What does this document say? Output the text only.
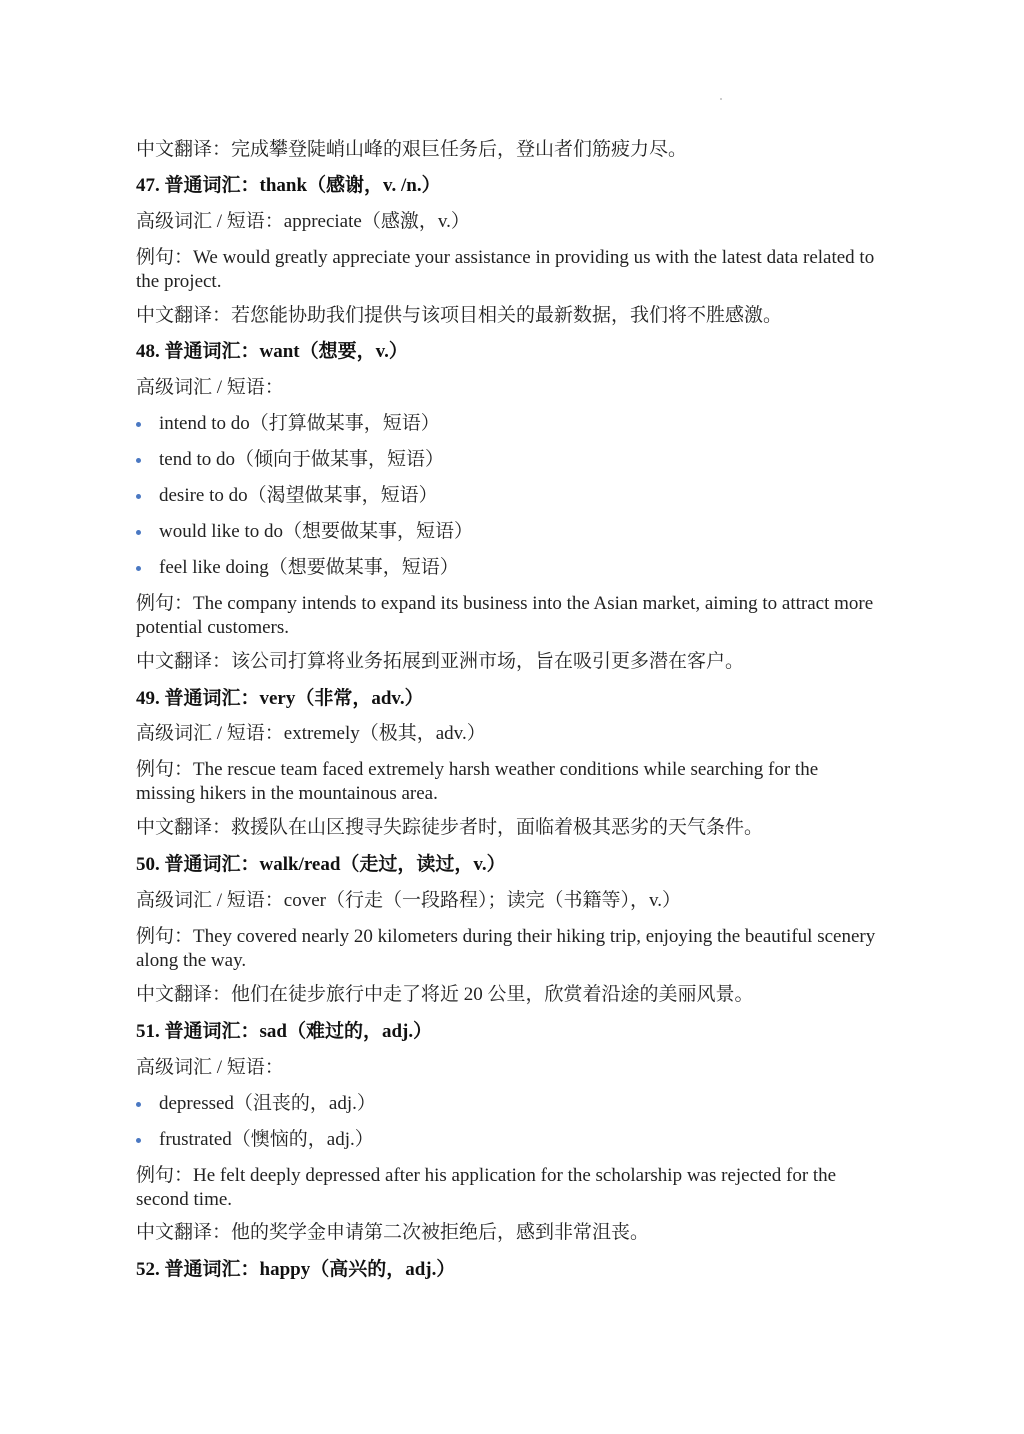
中文翻译：完成攀登陡峭山峰的艰巨任务后，登山者们筋疲力尽。
47. 普通词汇：thank（感谢，v. /n.）
高级词汇 / 短语：appreciate（感激，v.）
例句：We would greatly appreciate your assistance in providing us with the latest data related to the project.
中文翻译：若您能协助我们提供与该项目相关的最新数据，我们将不胜感激。
48. 普通词汇：want（想要，v.）
高级词汇 / 短语：
intend to do（打算做某事，短语）
tend to do（倾向于做某事，短语）
desire to do（渴望做某事，短语）
would like to do（想要做某事，短语）
feel like doing（想要做某事，短语）
例句：The company intends to expand its business into the Asian market, aiming to attract more potential customers.
中文翻译：该公司打算将业务拓展到亚洲市场，旨在吸引更多潜在客户。
49. 普通词汇：very（非常，adv.）
高级词汇 / 短语：extremely（极其，adv.）
例句：The rescue team faced extremely harsh weather conditions while searching for the missing hikers in the mountainous area.
中文翻译：救援队在山区搜寻失踪徒步者时，面临着极其恶劣的天气条件。
50. 普通词汇：walk/read（走过，读过，v.）
高级词汇 / 短语：cover（行走（一段路程）；读完（书籍等），v.）
例句：They covered nearly 20 kilometers during their hiking trip, enjoying the beautiful scenery along the way.
中文翻译：他们在徒步旅行中走了将近 20 公里，欣赏着沿途的美丽风景。
51. 普通词汇：sad（难过的，adj.）
高级词汇 / 短语：
depressed（沮丧的，adj.）
frustrated（懊恼的，adj.）
例句：He felt deeply depressed after his application for the scholarship was rejected for the second time.
中文翻译：他的奖学金申请第二次被拒绝后，感到非常沮丧。
52. 普通词汇：happy（高兴的，adj.）
